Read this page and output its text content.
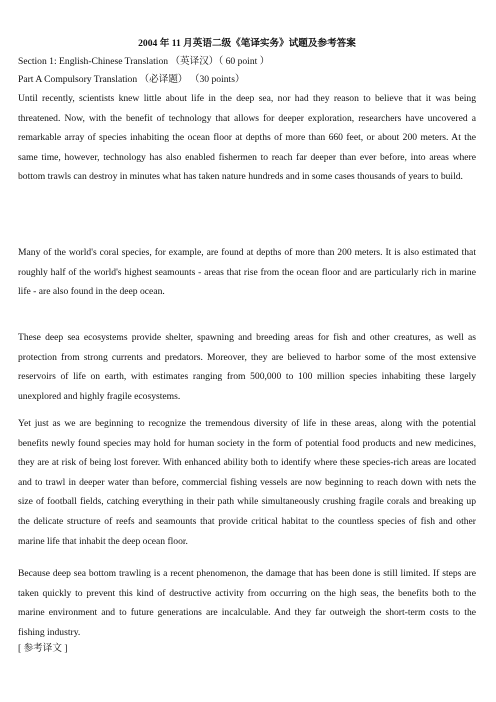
2004 年 11 月英语二级《笔译实务》试题及参考答案
Section 1: English-Chinese Translation （英译汉）（ 60 point ）
Part A Compulsory Translation （必译题） （30 points）
Until recently, scientists knew little about life in the deep sea, nor had they reason to believe that it was being threatened. Now, with the benefit of technology that allows for deeper exploration, researchers have uncovered a remarkable array of species inhabiting the ocean floor at depths of more than 660 feet, or about 200 meters. At the same time, however, technology has also enabled fishermen to reach far deeper than ever before, into areas where bottom trawls can destroy in minutes what has taken nature hundreds and in some cases thousands of years to build.
Many of the world's coral species, for example, are found at depths of more than 200 meters. It is also estimated that roughly half of the world's highest seamounts - areas that rise from the ocean floor and are particularly rich in marine life - are also found in the deep ocean.
These deep sea ecosystems provide shelter, spawning and breeding areas for fish and other creatures, as well as protection from strong currents and predators. Moreover, they are believed to harbor some of the most extensive reservoirs of life on earth, with estimates ranging from 500,000 to 100 million species inhabiting these largely unexplored and highly fragile ecosystems.
Yet just as we are beginning to recognize the tremendous diversity of life in these areas, along with the potential benefits newly found species may hold for human society in the form of potential food products and new medicines, they are at risk of being lost forever. With enhanced ability both to identify where these species-rich areas are located and to trawl in deeper water than before, commercial fishing vessels are now beginning to reach down with nets the size of football fields, catching everything in their path while simultaneously crushing fragile corals and breaking up the delicate structure of reefs and seamounts that provide critical habitat to the countless species of fish and other marine life that inhabit the deep ocean floor.
Because deep sea bottom trawling is a recent phenomenon, the damage that has been done is still limited. If steps are taken quickly to prevent this kind of destructive activity from occurring on the high seas, the benefits both to the marine environment and to future generations are incalculable. And they far outweigh the short-term costs to the fishing industry.
[ 参考译文 ]
